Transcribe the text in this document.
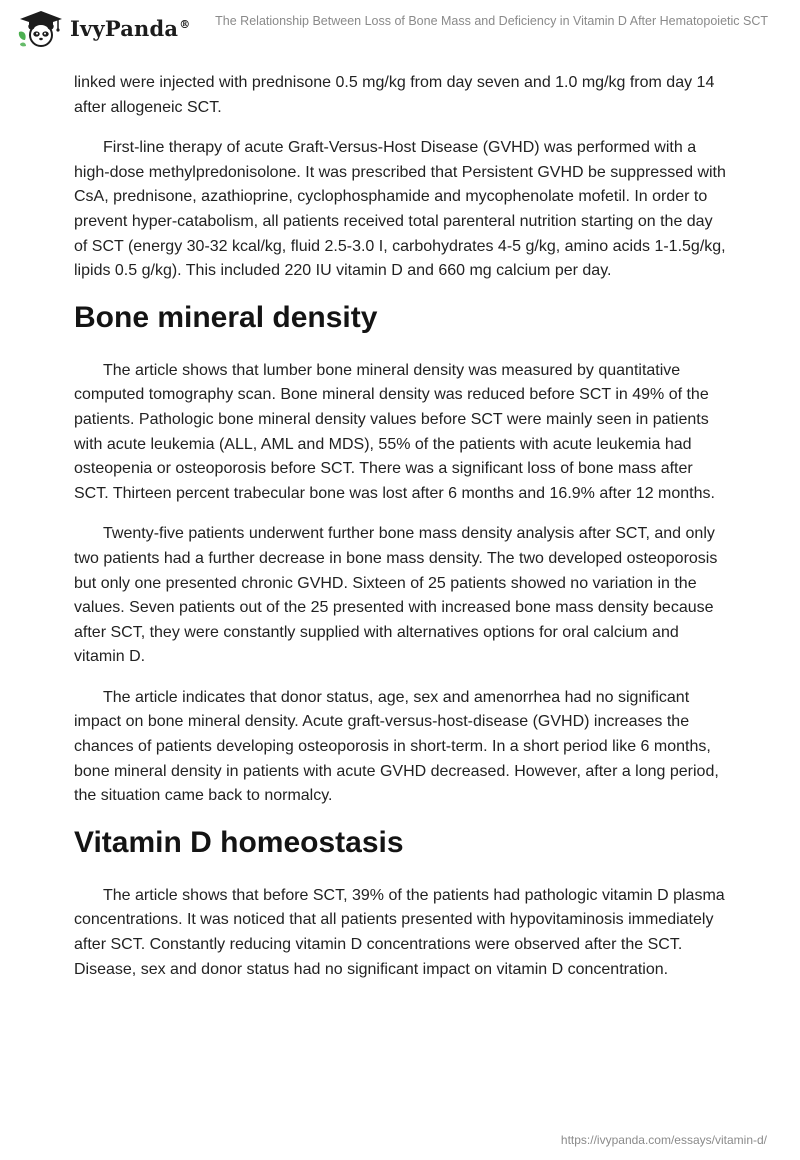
IvyPanda® The Relationship Between Loss of Bone Mass and Deficiency in Vitamin D After Hematopoietic SCT

linked were injected with prednisone 0.5 mg/kg from day seven and 1.0 mg/kg from day 14 after allogeneic SCT.

First-line therapy of acute Graft-Versus-Host Disease (GVHD) was performed with a high-dose methylpredonisolone. It was prescribed that Persistent GVHD be suppressed with CsA, prednisone, azathioprine, cyclophosphamide and mycophenolate mofetil. In order to prevent hyper-catabolism, all patients received total parenteral nutrition starting on the day of SCT (energy 30-32 kcal/kg, fluid 2.5-3.0 I, carbohydrates 4-5 g/kg, amino acids 1-1.5g/kg, lipids 0.5 g/kg). This included 220 IU vitamin D and 660 mg calcium per day.

Bone mineral density

The article shows that lumber bone mineral density was measured by quantitative computed tomography scan. Bone mineral density was reduced before SCT in 49% of the patients. Pathologic bone mineral density values before SCT were mainly seen in patients with acute leukemia (ALL, AML and MDS), 55% of the patients with acute leukemia had osteopenia or osteoporosis before SCT. There was a significant loss of bone mass after SCT. Thirteen percent trabecular bone was lost after 6 months and 16.9% after 12 months.

Twenty-five patients underwent further bone mass density analysis after SCT, and only two patients had a further decrease in bone mass density. The two developed osteoporosis but only one presented chronic GVHD. Sixteen of 25 patients showed no variation in the values. Seven patients out of the 25 presented with increased bone mass density because after SCT, they were constantly supplied with alternatives options for oral calcium and vitamin D.

The article indicates that donor status, age, sex and amenorrhea had no significant impact on bone mineral density. Acute graft-versus-host-disease (GVHD) increases the chances of patients developing osteoporosis in short-term. In a short period like 6 months, bone mineral density in patients with acute GVHD decreased. However, after a long period, the situation came back to normalcy.

Vitamin D homeostasis

The article shows that before SCT, 39% of the patients had pathologic vitamin D plasma concentrations. It was noticed that all patients presented with hypovitaminosis immediately after SCT. Constantly reducing vitamin D concentrations were observed after the SCT. Disease, sex and donor status had no significant impact on vitamin D concentration.

https://ivypanda.com/essays/vitamin-d/
